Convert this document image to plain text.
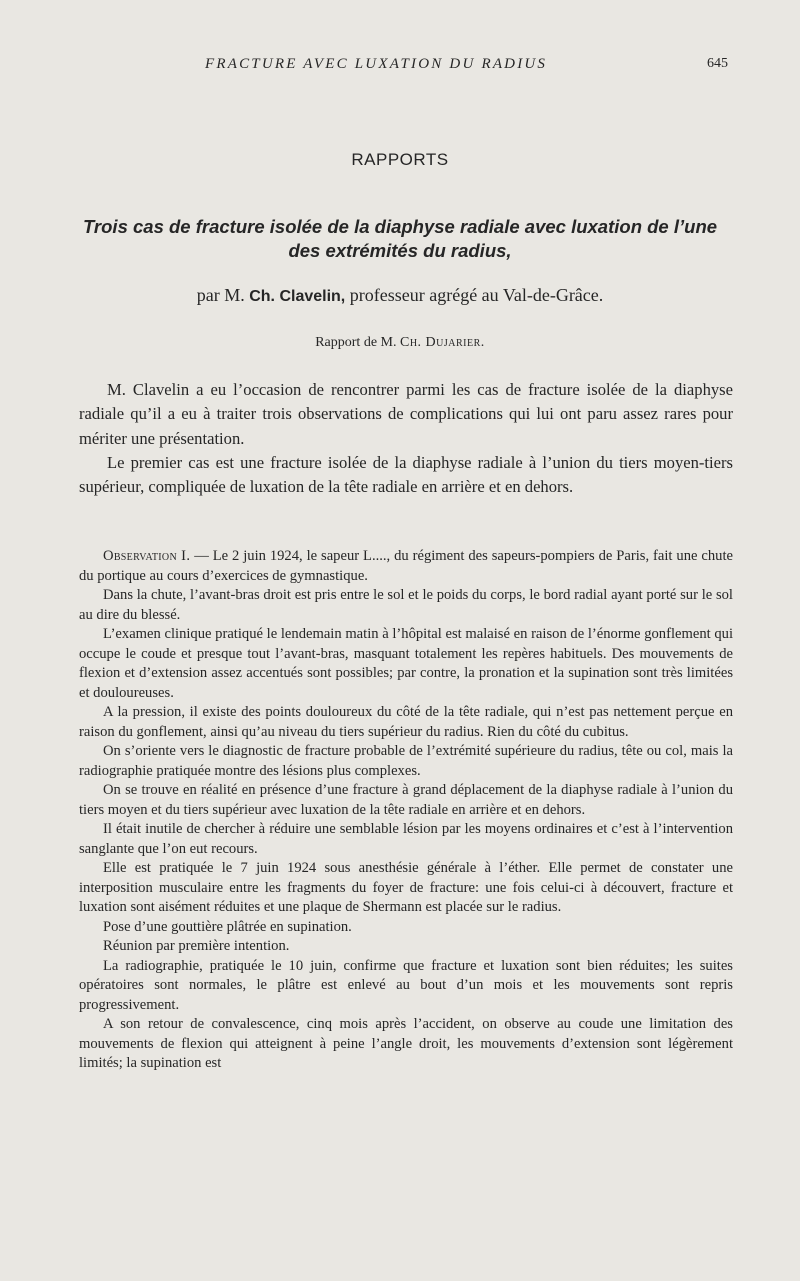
FRACTURE AVEC LUXATION DU RADIUS	645
RAPPORTS
Trois cas de fracture isolée de la diaphyse radiale avec luxation de l’une des extrémités du radius,
par M. Ch. Clavelin, professeur agrégé au Val-de-Grâce.
Rapport de M. Ch. Dujarier.

M. Clavelin a eu l’occasion de rencontrer parmi les cas de fracture isolée de la diaphyse radiale qu’il a eu à traiter trois observations de complications qui lui ont paru assez rares pour mériter une présentation.

Le premier cas est une fracture isolée de la diaphyse radiale à l’union du tiers moyen-tiers supérieur, compliquée de luxation de la tête radiale en arrière et en dehors.

Observation I. — Le 2 juin 1924, le sapeur L...., du régiment des sapeurs-pompiers de Paris, fait une chute du portique au cours d’exercices de gymnastique.

Dans la chute, l’avant-bras droit est pris entre le sol et le poids du corps, le bord radial ayant porté sur le sol au dire du blessé.

L’examen clinique pratiqué le lendemain matin à l’hôpital est malaisé en raison de l’énorme gonflement qui occupe le coude et presque tout l’avant-bras, masquant totalement les repères habituels. Des mouvements de flexion et d’extension assez accentués sont possibles; par contre, la pronation et la supination sont très limitées et douloureuses.

A la pression, il existe des points douloureux du côté de la tête radiale, qui n’est pas nettement perçue en raison du gonflement, ainsi qu’au niveau du tiers supérieur du radius. Rien du côté du cubitus.

On s’oriente vers le diagnostic de fracture probable de l’extrémité supérieure du radius, tête ou col, mais la radiographie pratiquée montre des lésions plus complexes.

On se trouve en réalité en présence d’une fracture à grand déplacement de la diaphyse radiale à l’union du tiers moyen et du tiers supérieur avec luxation de la tête radiale en arrière et en dehors.

Il était inutile de chercher à réduire une semblable lésion par les moyens ordinaires et c’est à l’intervention sanglante que l’on eut recours.

Elle est pratiquée le 7 juin 1924 sous anesthésie générale à l’éther. Elle permet de constater une interposition musculaire entre les fragments du foyer de fracture: une fois celui-ci à découvert, fracture et luxation sont aisément réduites et une plaque de Shermann est placée sur le radius.

Pose d’une gouttière plâtrée en supination.

Réunion par première intention.

La radiographie, pratiquée le 10 juin, confirme que fracture et luxation sont bien réduites; les suites opératoires sont normales, le plâtre est enlevé au bout d’un mois et les mouvements sont repris progressivement.

A son retour de convalescence, cinq mois après l’accident, on observe au coude une limitation des mouvements de flexion qui atteignent à peine l’angle droit, les mouvements d’extension sont légèrement limités; la supination est
